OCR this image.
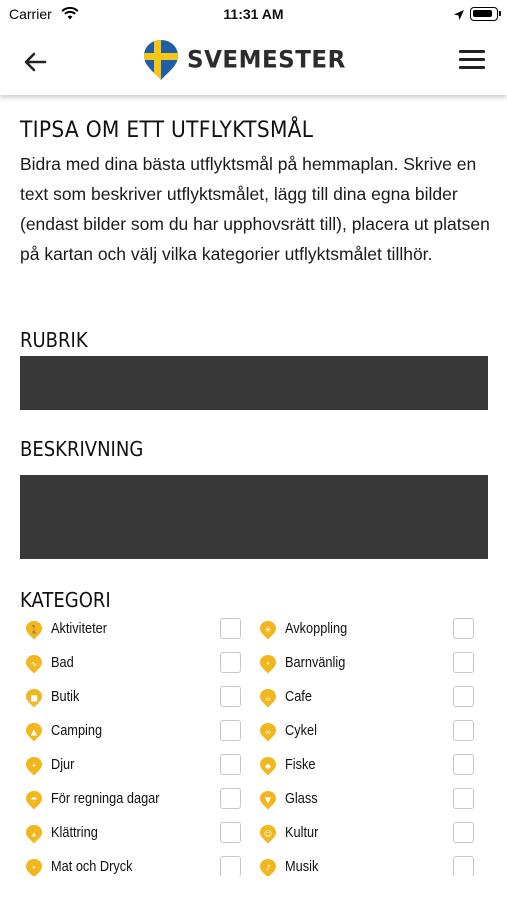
Carrier	11:31 AM
SVEMESTER
TIPSA OM ETT UTFLYKTSMÅL

Bidra med dina bästa utflyktsmål på hemmaplan. Skrive en text som beskriver utflyktsmålet, lägg till dina egna bilder (endast bilder som du har upphovsrätt till), placera ut platsen på kartan och välj vilka kategorier utflyktsmålet tillhör.

RUBRIK
BESKRIVNING
KATEGORI
🚶 Aktiviteter	☀ Avkoppling
∿ Bad	• Barnvänlig
■ Butik	☕ Cafe
▲ Camping	∞ Cykel
• Djur	◆ Fiske
☂ För regninga dagar	▼ Glass
▴ Klättring	☺ Kultur
• Mat och Dryck	♪ Musik
